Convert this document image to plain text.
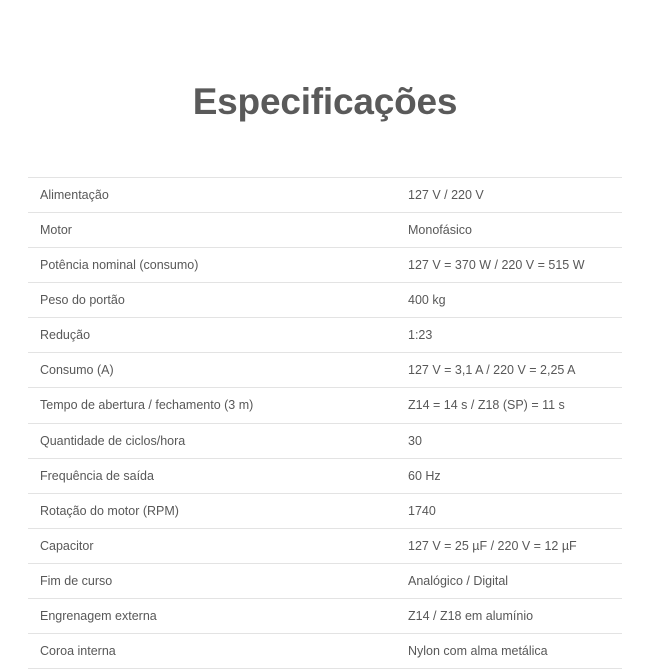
Especificações
Alimentação	127 V / 220 V
Motor	Monofásico
Potência nominal (consumo)	127 V = 370 W / 220 V = 515 W
Peso do portão	400 kg
Redução	1:23
Consumo (A)	127 V = 3,1 A / 220 V = 2,25 A
Tempo de abertura / fechamento (3 m)	Z14 = 14 s / Z18 (SP) = 11 s
Quantidade de ciclos/hora	30
Frequência de saída	60 Hz
Rotação do motor (RPM)	1740
Capacitor	127 V = 25 µF / 220 V = 12 µF
Fim de curso	Analógico / Digital
Engrenagem externa	Z14 / Z18 em alumínio
Coroa interna	Nylon com alma metálica
